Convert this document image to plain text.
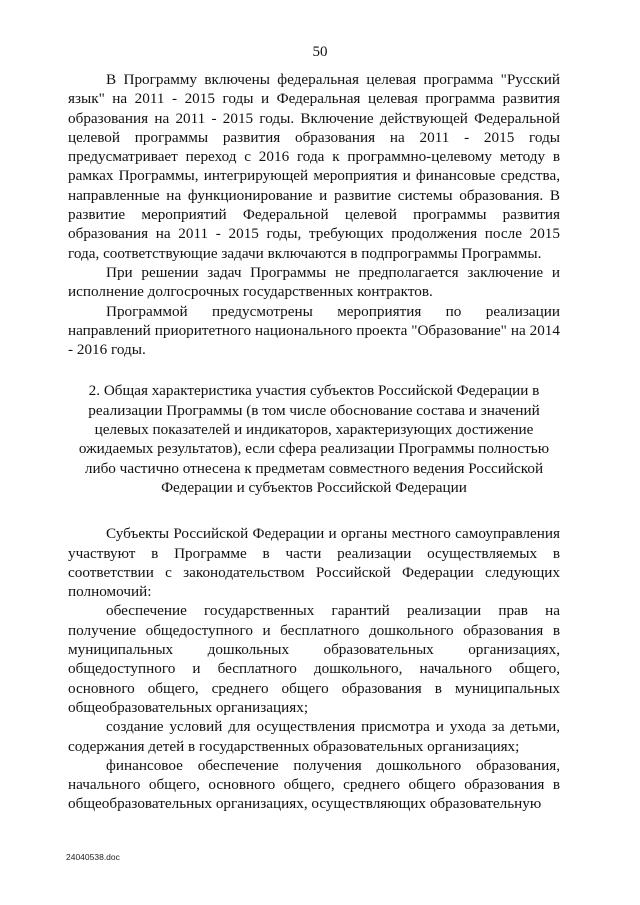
50

В Программу включены федеральная целевая программа "Русский язык" на 2011 - 2015 годы и Федеральная целевая программа развития образования на 2011 - 2015 годы. Включение действующей Федеральной целевой программы развития образования на 2011 - 2015 годы предусматривает переход с 2016 года к программно-целевому методу в рамках Программы, интегрирующей мероприятия и финансовые средства, направленные на функционирование и развитие системы образования. В развитие мероприятий Федеральной целевой программы развития образования на 2011 - 2015 годы, требующих продолжения после 2015 года, соответствующие задачи включаются в подпрограммы Программы.

При решении задач Программы не предполагается заключение и исполнение долгосрочных государственных контрактов.

Программой предусмотрены мероприятия по реализации направлений приоритетного национального проекта "Образование" на 2014 - 2016 годы.

2. Общая характеристика участия субъектов Российской Федерации в реализации Программы (в том числе обоснование состава и значений целевых показателей и индикаторов, характеризующих достижение ожидаемых результатов), если сфера реализации Программы полностью либо частично отнесена к предметам совместного ведения Российской Федерации и субъектов Российской Федерации

Субъекты Российской Федерации и органы местного самоуправления участвуют в Программе в части реализации осуществляемых в соответствии с законодательством Российской Федерации следующих полномочий:

обеспечение государственных гарантий реализации прав на получение общедоступного и бесплатного дошкольного образования в муниципальных дошкольных образовательных организациях, общедоступного и бесплатного дошкольного, начального общего, основного общего, среднего общего образования в муниципальных общеобразовательных организациях;

создание условий для осуществления присмотра и ухода за детьми, содержания детей в государственных образовательных организациях;

финансовое обеспечение получения дошкольного образования, начального общего, основного общего, среднего общего образования в общеобразовательных организациях, осуществляющих образовательную

24040538.doc
